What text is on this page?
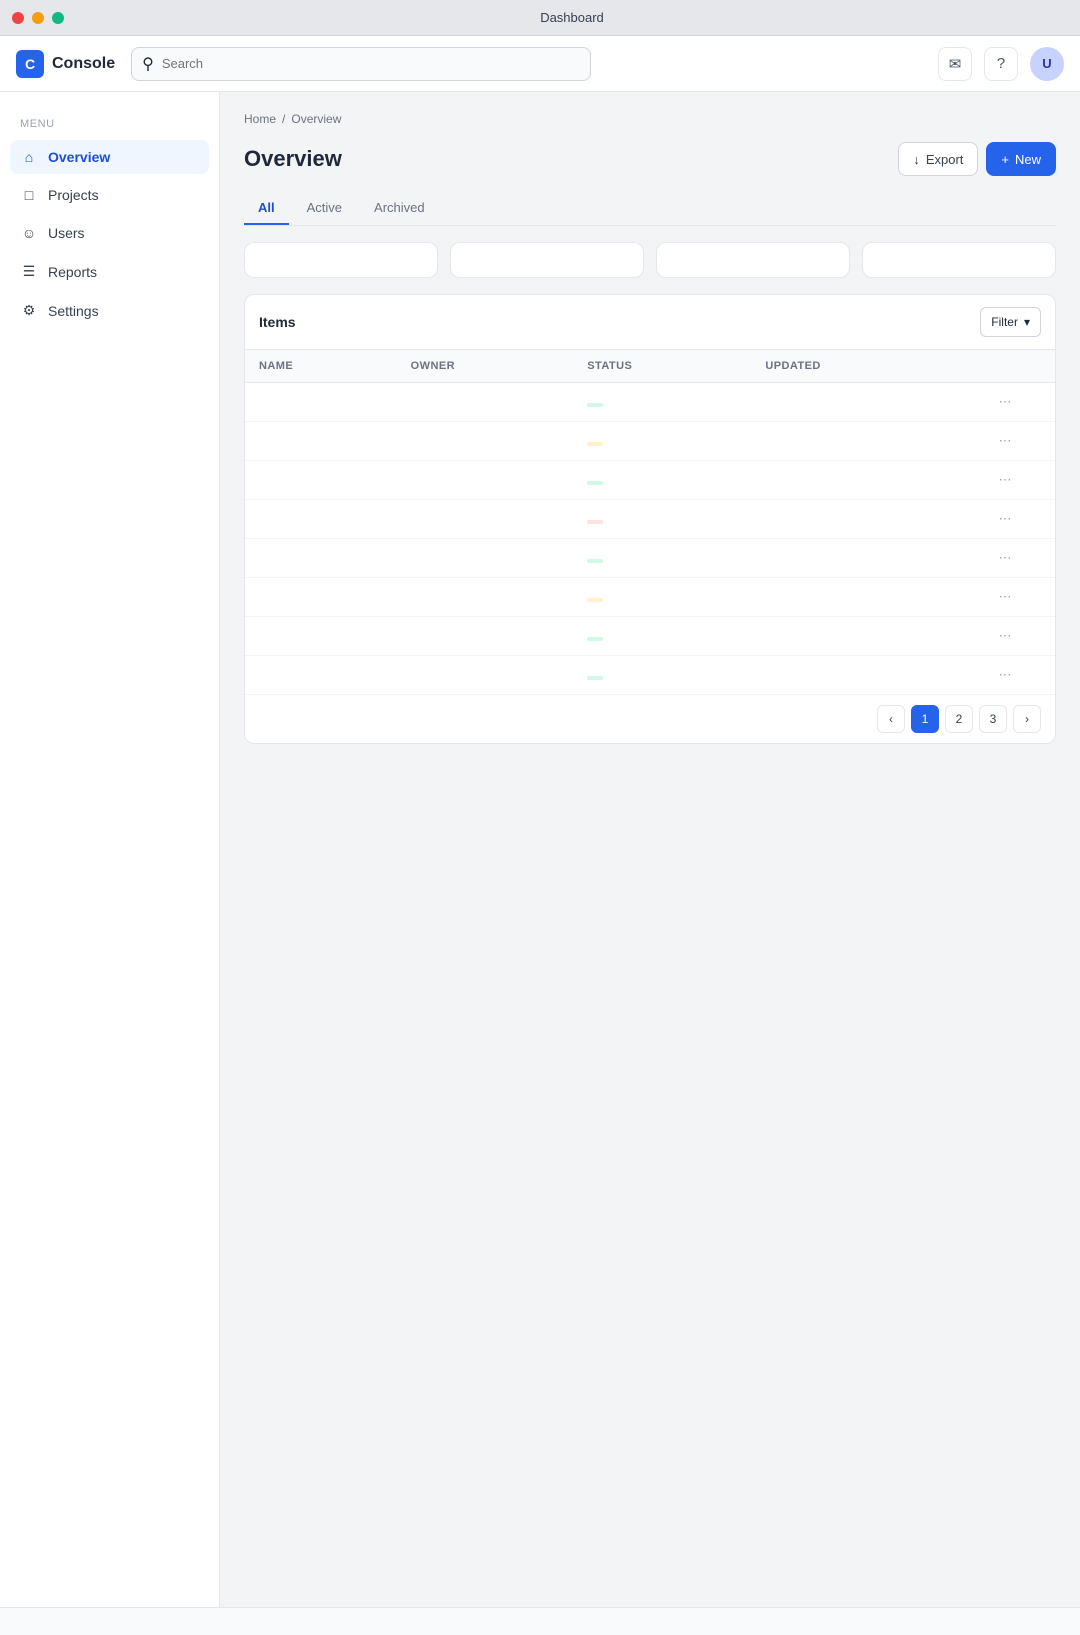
Dashboard
C	Console ⚲
Search	✉	?	U
MENU
⌂	Overview
□	Projects
☺ Users
☰ Reports
⚙ Settings
Home / Overview
Overview	↓ Export	+ New
All	Active	Archived
Items	Filter ▾
NAME	OWNER	STATUS	UPDATED	
				⋯
				⋯
				⋯
				⋯
				⋯
				⋯
				⋯
				⋯
‹	1	2	3	›
